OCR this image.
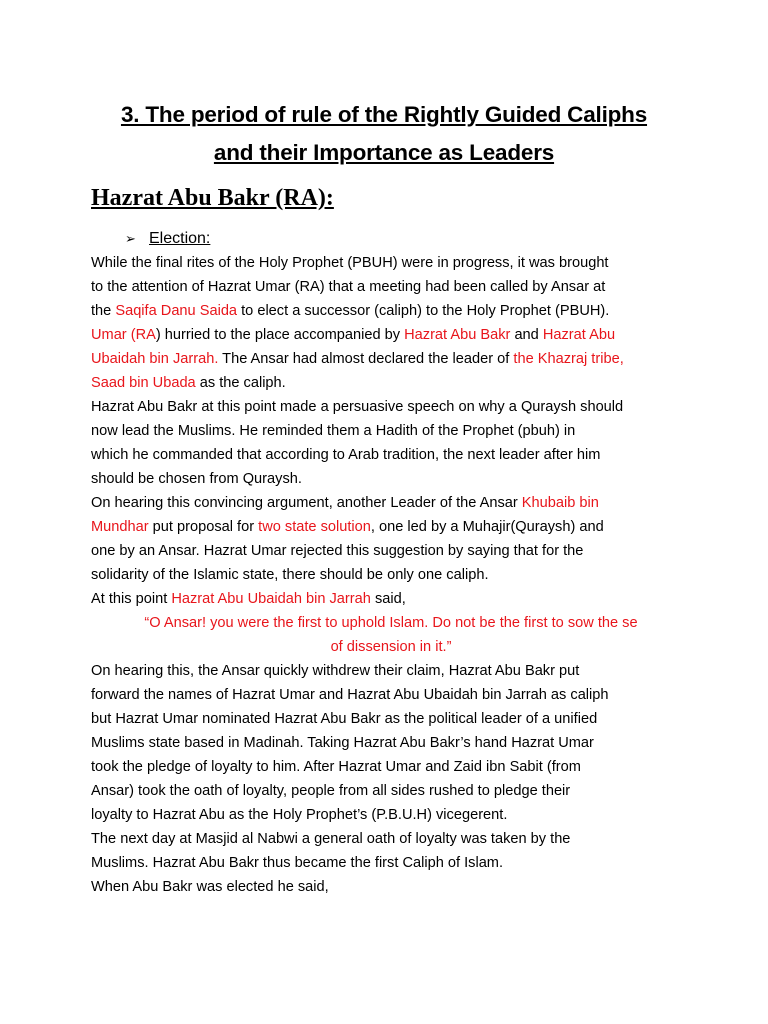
3. The period of rule of the Rightly Guided Caliphs
and their Importance as Leaders
Hazrat Abu Bakr (RA):
➢ Election:
While the final rites of the Holy Prophet (PBUH) were in progress, it was brought
to the attention of Hazrat Umar (RA) that a meeting had been called by Ansar at
the Saqifa Danu Saida to elect a successor (caliph) to the Holy Prophet (PBUH).
Umar (RA) hurried to the place accompanied by Hazrat Abu Bakr and Hazrat Abu
Ubaidah bin Jarrah. The Ansar had almost declared the leader of the Khazraj tribe,
Saad bin Ubada as the caliph.
Hazrat Abu Bakr at this point made a persuasive speech on why a Quraysh should
now lead the Muslims. He reminded them a Hadith of the Prophet (pbuh) in
which he commanded that according to Arab tradition, the next leader after him
should be chosen from Quraysh.
On hearing this convincing argument, another Leader of the Ansar Khubaib bin
Mundhar put proposal for two state solution, one led by a Muhajir(Quraysh) and
one by an Ansar. Hazrat Umar rejected this suggestion by saying that for the
solidarity of the Islamic state, there should be only one caliph.
At this point Hazrat Abu Ubaidah bin Jarrah said,
“O Ansar! you were the first to uphold Islam. Do not be the first to sow the se
of dissension in it.”
On hearing this, the Ansar quickly withdrew their claim, Hazrat Abu Bakr put
forward the names of Hazrat Umar and Hazrat Abu Ubaidah bin Jarrah as caliph
but Hazrat Umar nominated Hazrat Abu Bakr as the political leader of a unified
Muslims state based in Madinah. Taking Hazrat Abu Bakr’s hand Hazrat Umar
took the pledge of loyalty to him. After Hazrat Umar and Zaid ibn Sabit (from
Ansar) took the oath of loyalty, people from all sides rushed to pledge their
loyalty to Hazrat Abu as the Holy Prophet’s (P.B.U.H) vicegerent.
The next day at Masjid al Nabwi a general oath of loyalty was taken by the
Muslims. Hazrat Abu Bakr thus became the first Caliph of Islam.
When Abu Bakr was elected he said,
